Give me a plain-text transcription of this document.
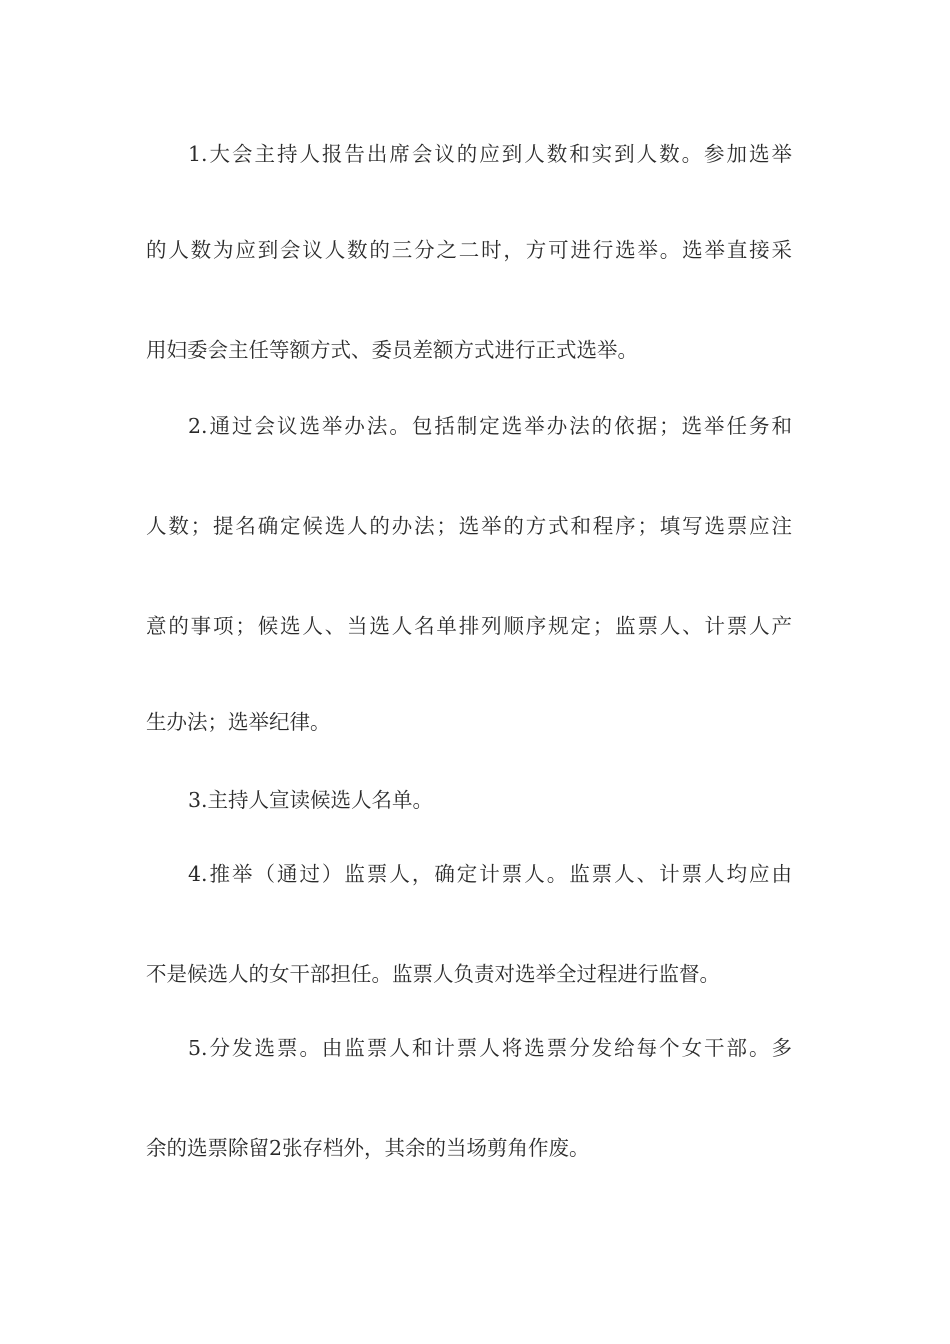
1.大会主持人报告出席会议的应到人数和实到人数。参加选举
的人数为应到会议人数的三分之二时，方可进行选举。选举直接采
用妇委会主任等额方式、委员差额方式进行正式选举。
2.通过会议选举办法。包括制定选举办法的依据；选举任务和
人数；提名确定候选人的办法；选举的方式和程序；填写选票应注
意的事项；候选人、当选人名单排列顺序规定；监票人、计票人产
生办法；选举纪律。
3.主持人宣读候选人名单。
4.推举（通过）监票人，确定计票人。监票人、计票人均应由
不是候选人的女干部担任。监票人负责对选举全过程进行监督。
5.分发选票。由监票人和计票人将选票分发给每个女干部。多
余的选票除留2张存档外，其余的当场剪角作废。
